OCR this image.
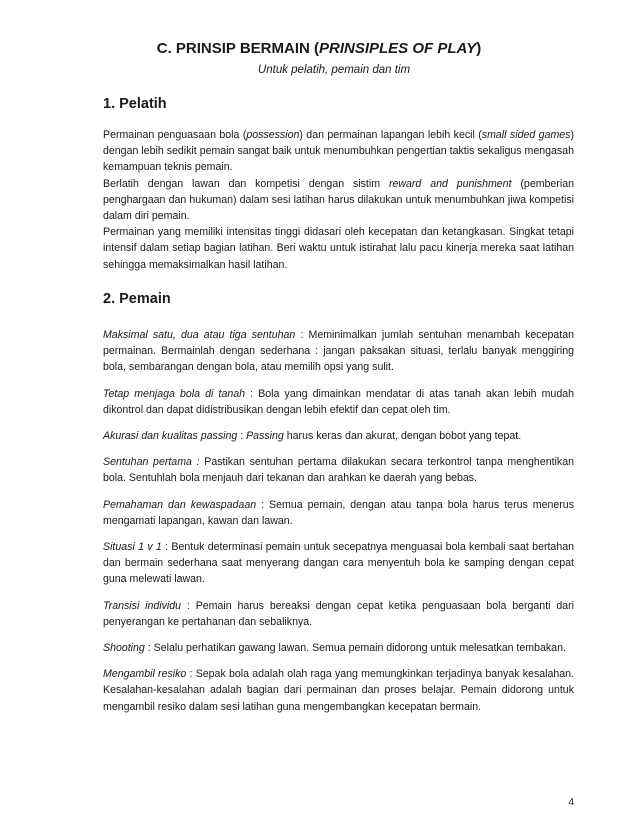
C. PRINSIP BERMAIN (PRINSIPLES OF PLAY)
Untuk pelatih, pemain dan tim
1. Pelatih

Permainan penguasaan bola (possession) dan permainan lapangan lebih kecil (small sided games) dengan lebih sedikit pemain sangat baik untuk menumbuhkan pengertian taktis sekaligus mengasah kemampuan teknis pemain.

Berlatih dengan lawan dan kompetisi dengan sistim reward and punishment (pemberian penghargaan dan hukuman) dalam sesi latihan harus dilakukan untuk menumbuhkan jiwa kompetisi dalam diri pemain.

Permainan yang memiliki intensitas tinggi didasari oleh kecepatan dan ketangkasan. Singkat tetapi intensif dalam setiap bagian latihan. Beri waktu untuk istirahat lalu pacu kinerja mereka saat latihan sehingga memaksimalkan hasil latihan.

2. Pemain

Maksimal satu, dua atau tiga sentuhan : Meminimalkan jumlah sentuhan menambah kecepatan permainan. Bermainlah dengan sederhana : jangan paksakan situasi, terlalu banyak menggiring bola, sembarangan dengan bola, atau memilih opsi yang sulit.

Tetap menjaga bola di tanah : Bola yang dimainkan mendatar di atas tanah akan lebih mudah dikontrol dan dapat didistribusikan dengan lebih efektif dan cepat oleh tim.

Akurasi dan kualitas passing : Passing harus keras dan akurat, dengan bobot yang tepat.

Sentuhan pertama : Pastikan sentuhan pertama dilakukan secara terkontrol tanpa menghentikan bola. Sentuhlah bola menjauh dari tekanan dan arahkan ke daerah yang bebas.

Pemahaman dan kewaspadaan : Semua pemain, dengan atau tanpa bola harus terus menerus mengamati lapangan, kawan dan lawan.

Situasi 1 v 1 : Bentuk determinasi pemain untuk secepatnya menguasai bola kembali saat bertahan dan bermain sederhana saat menyerang dangan cara menyentuh bola ke samping dengan cepat guna melewati lawan.

Transisi individu : Pemain harus bereaksi dengan cepat ketika penguasaan bola berganti dari penyerangan ke pertahanan dan sebaliknya.

Shooting : Selalu perhatikan gawang lawan. Semua pemain didorong untuk melesatkan tembakan.

Mengambil resiko : Sepak bola adalah olah raga yang memungkinkan terjadinya banyak kesalahan. Kesalahan-kesalahan adalah bagian dari permainan dan proses belajar. Pemain didorong untuk mengambil resiko dalam sesi latihan guna mengembangkan kecepatan bermain.

4
